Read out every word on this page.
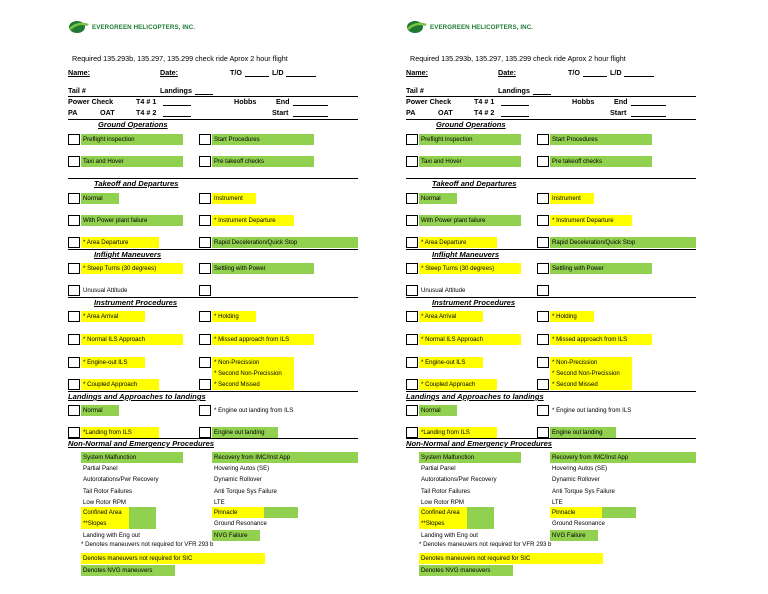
EVERGREEN HELICOPTERS, INC.
Required 135.293b, 135.297, 135.299 check ride Aprox 2 hour flight
Name:	Date:	T/O	L/D
Tail #	Landings
Power Check	T4 # 1	Hobbs	End
PA	OAT	T4 # 2	Start
Ground Operations
Preflight inspection	Start Procedures
Taxi and Hover	Pre takeoff checks
Takeoff and Departures
Normal	Instrument
With Power plant failure	* Instrument Departure
* Area Departure	Rapid Deceleration/Quick Stop
Inflight Maneuvers
* Steep Turns (30 degrees)	Settling with Power
Unusual Attitude
Instrument Procedures
* Area Arrival	* Holding
* Normal ILS Approach	* Missed approach from ILS
* Engine-out ILS	* Non-Precission
* Second Non-Precission
* Coupled Approach	* Second Missed
Landings and Approaches to landings
Normal	* Engine out landing from ILS
*Landing from ILS	Engine out landing
Non-Normal and Emergency Procedures
System Malfunction	Recovery from IMC/Inst App
Partial Panel	Hovering Autos (SE)
Autorotations/Pwr Recovery	Dynamic Rollover
Tail Rotor Failures	Anti Torque Sys Failure
Low Rotor RPM	LTE
Confined Area	Pinnacle
**Slopes	Ground Resonance
Landing with Eng out	NVG Failure
* Denotes maneuvers not required for VFR 293 b
Denotes maneuvers not required for SIC
Denotes NVG maneuvers
EVERGREEN HELICOPTERS, INC.
Required 135.293b, 135.297, 135.299 check ride Aprox 2 hour flight
Name:	Date:	T/O	L/D
Tail #	Landings
Power Check	T4 # 1	Hobbs	End
PA	OAT	T4 # 2	Start
Ground Operations
Preflight inspection	Start Procedures
Taxi and Hover	Pre takeoff checks
Takeoff and Departures
Normal	Instrument
With Power plant failure	* Instrument Departure
* Area Departure	Rapid Deceleration/Quick Stop
Inflight Maneuvers
* Steep Turns (30 degrees)	Settling with Power
Unusual Attitude
Instrument Procedures
* Area Arrival	* Holding
* Normal ILS Approach	* Missed approach from ILS
* Engine-out ILS	* Non-Precission
* Second Non-Precission
* Coupled Approach	* Second Missed
Landings and Approaches to landings
Normal	* Engine out landing from ILS
*Landing from ILS	Engine out landing
Non-Normal and Emergency Procedures
System Malfunction	Recovery from IMC/Inst App
Partial Panel	Hovering Autos (SE)
Autorotations/Pwr Recovery	Dynamic Rollover
Tail Rotor Failures	Anti Torque Sys Failure
Low Rotor RPM	LTE
Confined Area	Pinnacle
**Slopes	Ground Resonance
Landing with Eng out	NVG Failure
* Denotes maneuvers not required for VFR 293 b
Denotes maneuvers not required for SIC
Denotes NVG maneuvers
